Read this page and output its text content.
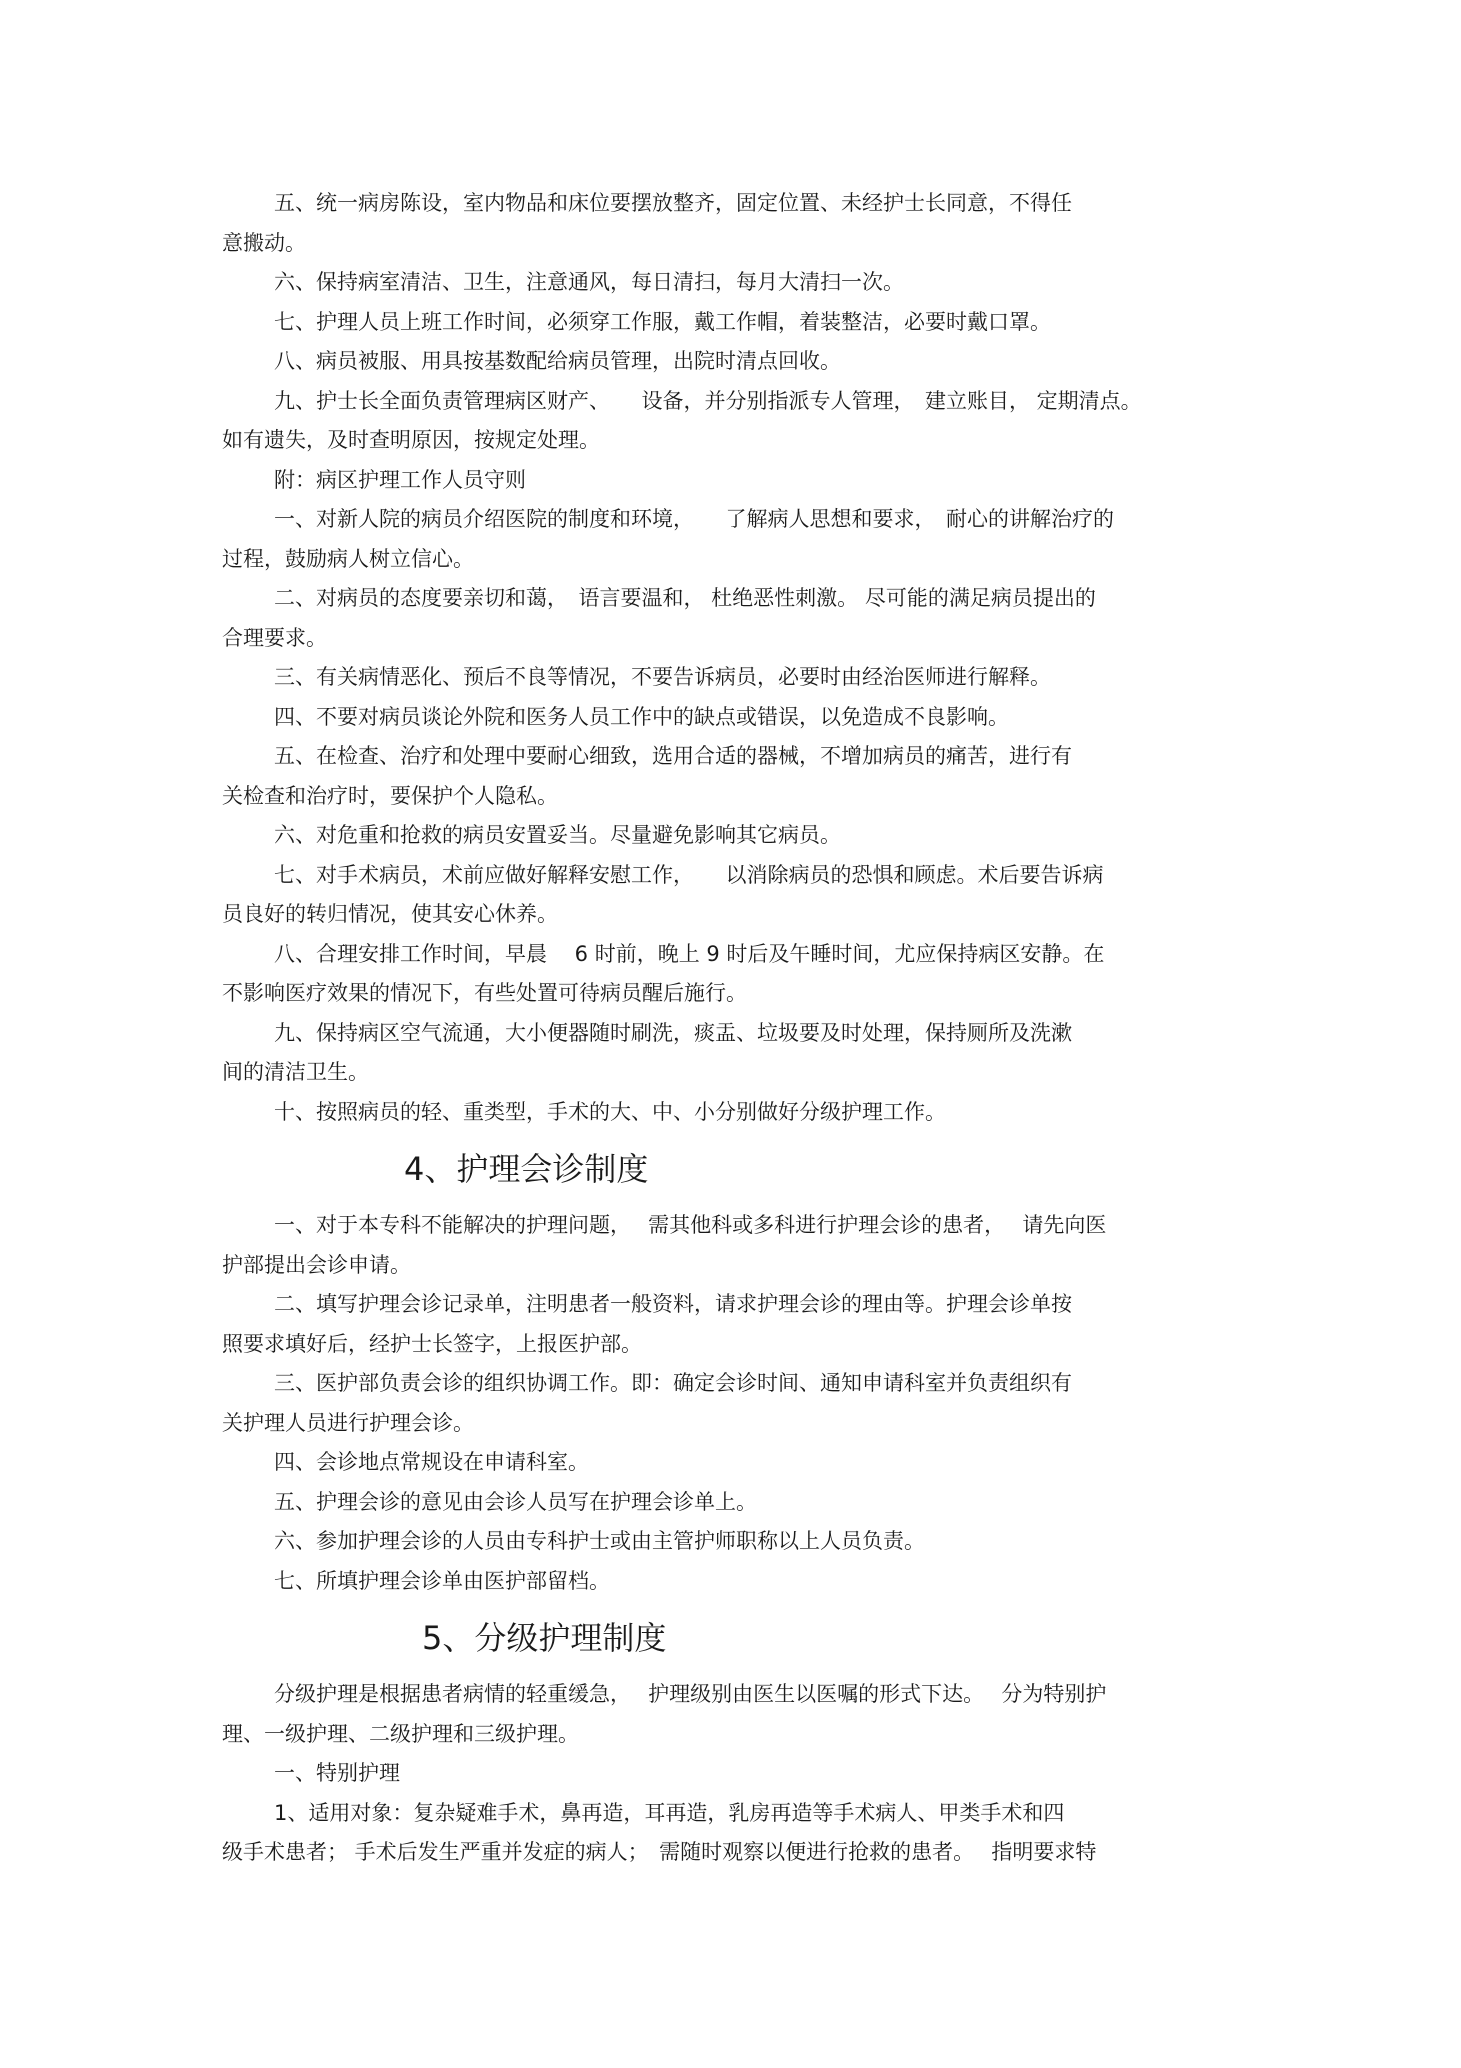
五、统一病房陈设，室内物品和床位要摆放整齐，固定位置、未经护士长同意，不得任

意搬动。

六、保持病室清洁、卫生，注意通风，每日清扫，每月大清扫一次。

七、护理人员上班工作时间，必须穿工作服，戴工作帽，着装整洁，必要时戴口罩。

八、病员被服、用具按基数配给病员管理，出院时清点回收。

九、护士长全面负责管理病区财产、　　设备，并分别指派专人管理，　建立账目， 定期清点。

如有遗失，及时查明原因，按规定处理。

附：病区护理工作人员守则

一、对新人院的病员介绍医院的制度和环境，　　了解病人思想和要求，　耐心的讲解治疗的

过程，鼓励病人树立信心。

二、对病员的态度要亲切和蔼，　语言要温和， 杜绝恶性刺激。 尽可能的满足病员提出的

合理要求。

三、有关病情恶化、预后不良等情况，不要告诉病员，必要时由经治医师进行解释。

四、不要对病员谈论外院和医务人员工作中的缺点或错误，以免造成不良影响。

五、在检查、治疗和处理中要耐心细致，选用合适的器械，不增加病员的痛苦，进行有

关检查和治疗时，要保护个人隐私。

六、对危重和抢救的病员安置妥当。尽量避免影响其它病员。

七、对手术病员，术前应做好解释安慰工作，　　以消除病员的恐惧和顾虑。术后要告诉病

员良好的转归情况，使其安心休养。

八、合理安排工作时间，早晨　 6 时前，晚上 9 时后及午睡时间，尤应保持病区安静。在

不影响医疗效果的情况下，有些处置可待病员醒后施行。

九、保持病区空气流通，大小便器随时刷洗，痰盂、垃圾要及时处理，保持厕所及洗漱

间的清洁卫生。

十、按照病员的轻、重类型，手术的大、中、小分别做好分级护理工作。

4、护理会诊制度

一、对于本专科不能解决的护理问题，　 需其他科或多科进行护理会诊的患者，　 请先向医

护部提出会诊申请。

二、填写护理会诊记录单，注明患者一般资料，请求护理会诊的理由等。护理会诊单按

照要求填好后，经护士长签字，上报医护部。

三、医护部负责会诊的组织协调工作。即：确定会诊时间、通知申请科室并负责组织有

关护理人员进行护理会诊。

四、会诊地点常规设在申请科室。

五、护理会诊的意见由会诊人员写在护理会诊单上。

六、参加护理会诊的人员由专科护士或由主管护师职称以上人员负责。

七、所填护理会诊单由医护部留档。

5、分级护理制度

分级护理是根据患者病情的轻重缓急，　 护理级别由医生以医嘱的形式下达。　 分为特别护

理、一级护理、二级护理和三级护理。

一、特别护理

1、适用对象：复杂疑难手术，鼻再造，耳再造，乳房再造等手术病人、甲类手术和四

级手术患者； 手术后发生严重并发症的病人；　需随时观察以便进行抢救的患者。　 指明要求特
